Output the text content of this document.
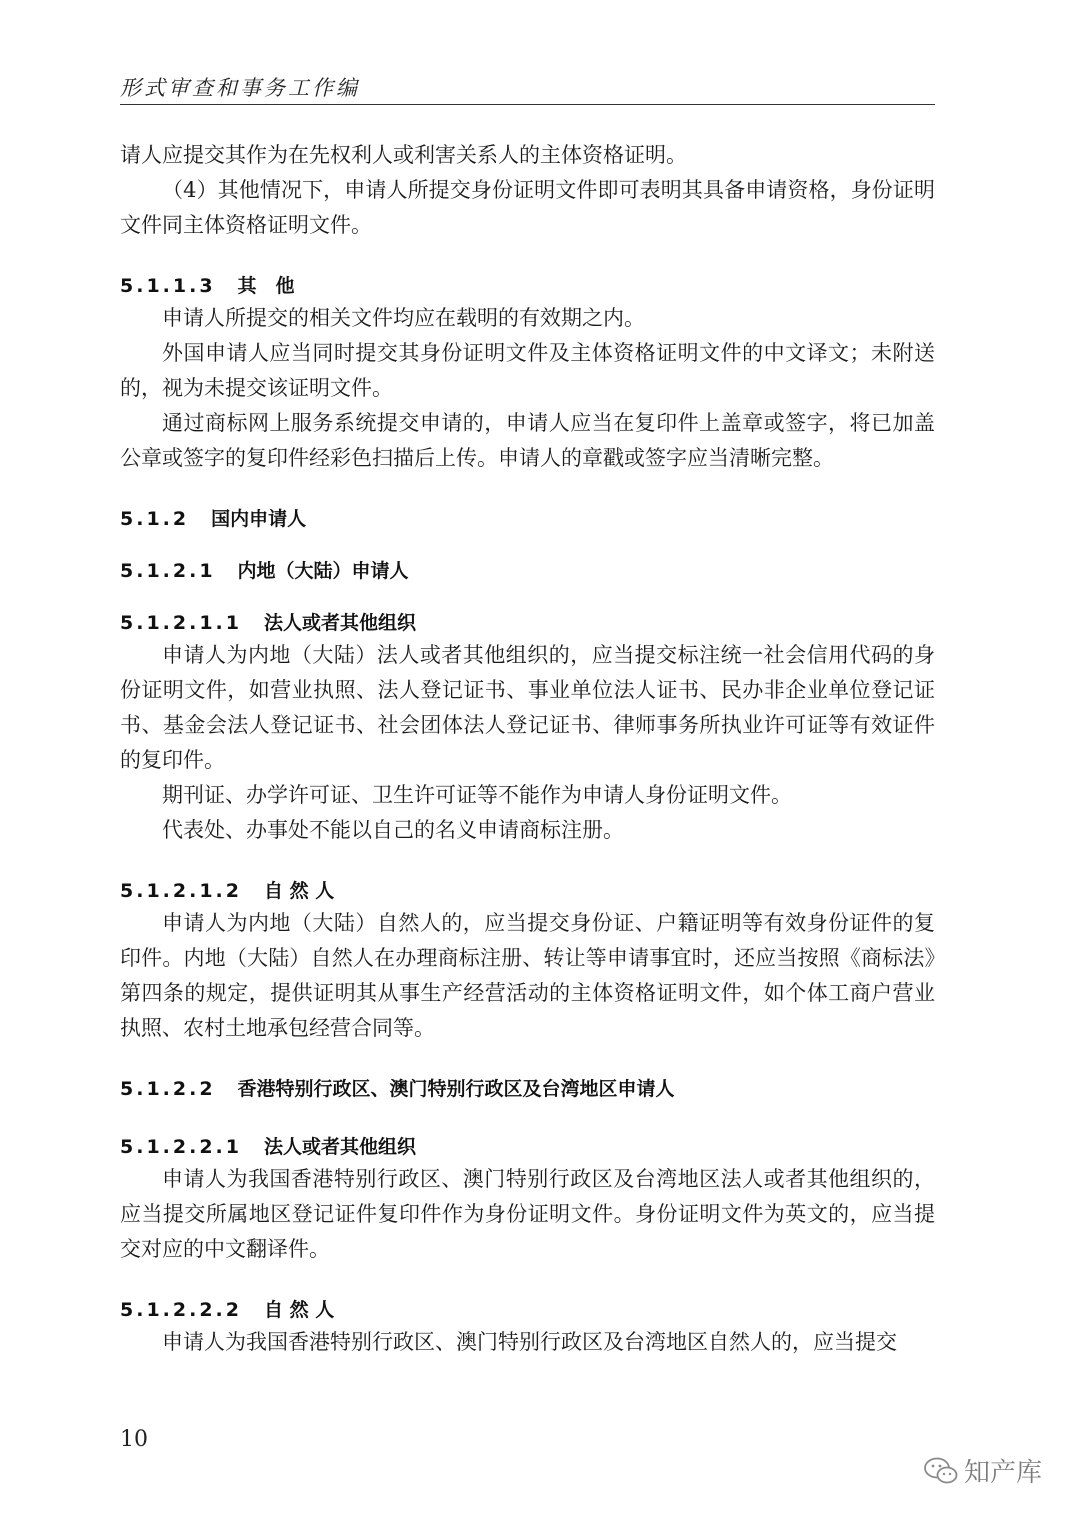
形式审查和事务工作编

请人应提交其作为在先权利人或利害关系人的主体资格证明。

（4）其他情况下，申请人所提交身份证明文件即可表明其具备申请资格，身份证明文件同主体资格证明文件。

5.1.1.3 其　他

申请人所提交的相关文件均应在载明的有效期之内。

外国申请人应当同时提交其身份证明文件及主体资格证明文件的中文译文；未附送的，视为未提交该证明文件。

通过商标网上服务系统提交申请的，申请人应当在复印件上盖章或签字，将已加盖公章或签字的复印件经彩色扫描后上传。申请人的章戳或签字应当清晰完整。

5.1.2 国内申请人

5.1.2.1 内地（大陆）申请人

5.1.2.1.1 法人或者其他组织

申请人为内地（大陆）法人或者其他组织的，应当提交标注统一社会信用代码的身份证明文件，如营业执照、法人登记证书、事业单位法人证书、民办非企业单位登记证书、基金会法人登记证书、社会团体法人登记证书、律师事务所执业许可证等有效证件的复印件。

期刊证、办学许可证、卫生许可证等不能作为申请人身份证明文件。

代表处、办事处不能以自己的名义申请商标注册。

5.1.2.1.2 自 然 人

申请人为内地（大陆）自然人的，应当提交身份证、户籍证明等有效身份证件的复印件。内地（大陆）自然人在办理商标注册、转让等申请事宜时，还应当按照《商标法》第四条的规定，提供证明其从事生产经营活动的主体资格证明文件，如个体工商户营业执照、农村土地承包经营合同等。

5.1.2.2 香港特别行政区、澳门特别行政区及台湾地区申请人

5.1.2.2.1 法人或者其他组织

申请人为我国香港特别行政区、澳门特别行政区及台湾地区法人或者其他组织的，应当提交所属地区登记证件复印件作为身份证明文件。身份证明文件为英文的，应当提交对应的中文翻译件。

5.1.2.2.2 自 然 人

申请人为我国香港特别行政区、澳门特别行政区及台湾地区自然人的，应当提交

10
知产库
